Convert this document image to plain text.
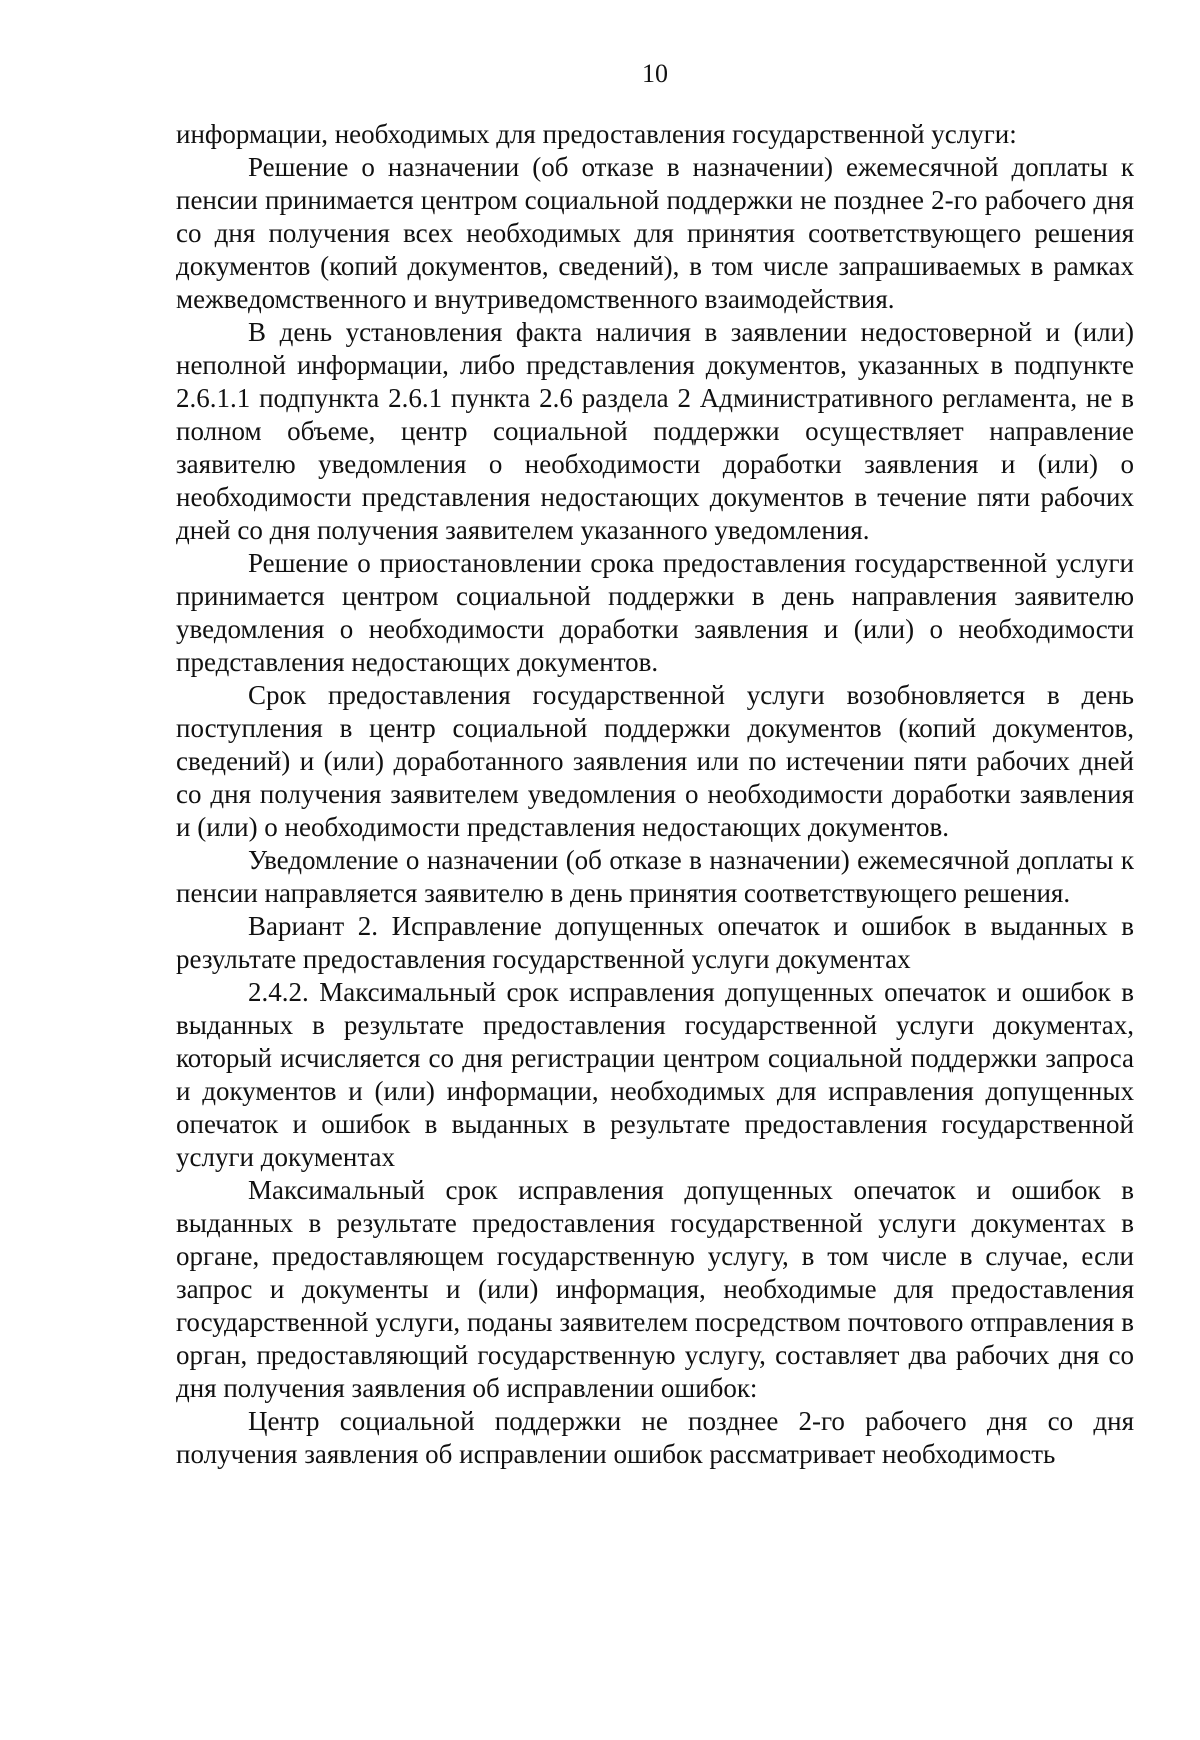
10

информации, необходимых для предоставления государственной услуги:

Решение о назначении (об отказе в назначении) ежемесячной доплаты к пенсии принимается центром социальной поддержки не позднее 2-го рабочего дня со дня получения всех необходимых для принятия соответствующего решения документов (копий документов, сведений), в том числе запрашиваемых в рамках межведомственного и внутриведомственного взаимодействия.

В день установления факта наличия в заявлении недостоверной и (или) неполной информации, либо представления документов, указанных в подпункте 2.6.1.1 подпункта 2.6.1 пункта 2.6 раздела 2 Административного регламента, не в полном объеме, центр социальной поддержки осуществляет направление заявителю уведомления о необходимости доработки заявления и (или) о необходимости представления недостающих документов в течение пяти рабочих дней со дня получения заявителем указанного уведомления.

Решение о приостановлении срока предоставления государственной услуги принимается центром социальной поддержки в день направления заявителю уведомления о необходимости доработки заявления и (или) о необходимости представления недостающих документов.

Срок предоставления государственной услуги возобновляется в день поступления в центр социальной поддержки документов (копий документов, сведений) и (или) доработанного заявления или по истечении пяти рабочих дней со дня получения заявителем уведомления о необходимости доработки заявления и (или) о необходимости представления недостающих документов.

Уведомление о назначении (об отказе в назначении) ежемесячной доплаты к пенсии направляется заявителю в день принятия соответствующего решения.

Вариант 2. Исправление допущенных опечаток и ошибок в выданных в результате предоставления государственной услуги документах

2.4.2. Максимальный срок исправления допущенных опечаток и ошибок в выданных в результате предоставления государственной услуги документах, который исчисляется со дня регистрации центром социальной поддержки запроса и документов и (или) информации, необходимых для исправления допущенных опечаток и ошибок в выданных в результате предоставления государственной услуги документах

Максимальный срок исправления допущенных опечаток и ошибок в выданных в результате предоставления государственной услуги документах в органе, предоставляющем государственную услугу, в том числе в случае, если запрос и документы и (или) информация, необходимые для предоставления государственной услуги, поданы заявителем посредством почтового отправления в орган, предоставляющий государственную услугу, составляет два рабочих дня со дня получения заявления об исправлении ошибок:

Центр социальной поддержки не позднее 2-го рабочего дня со дня получения заявления об исправлении ошибок рассматривает необходимость
